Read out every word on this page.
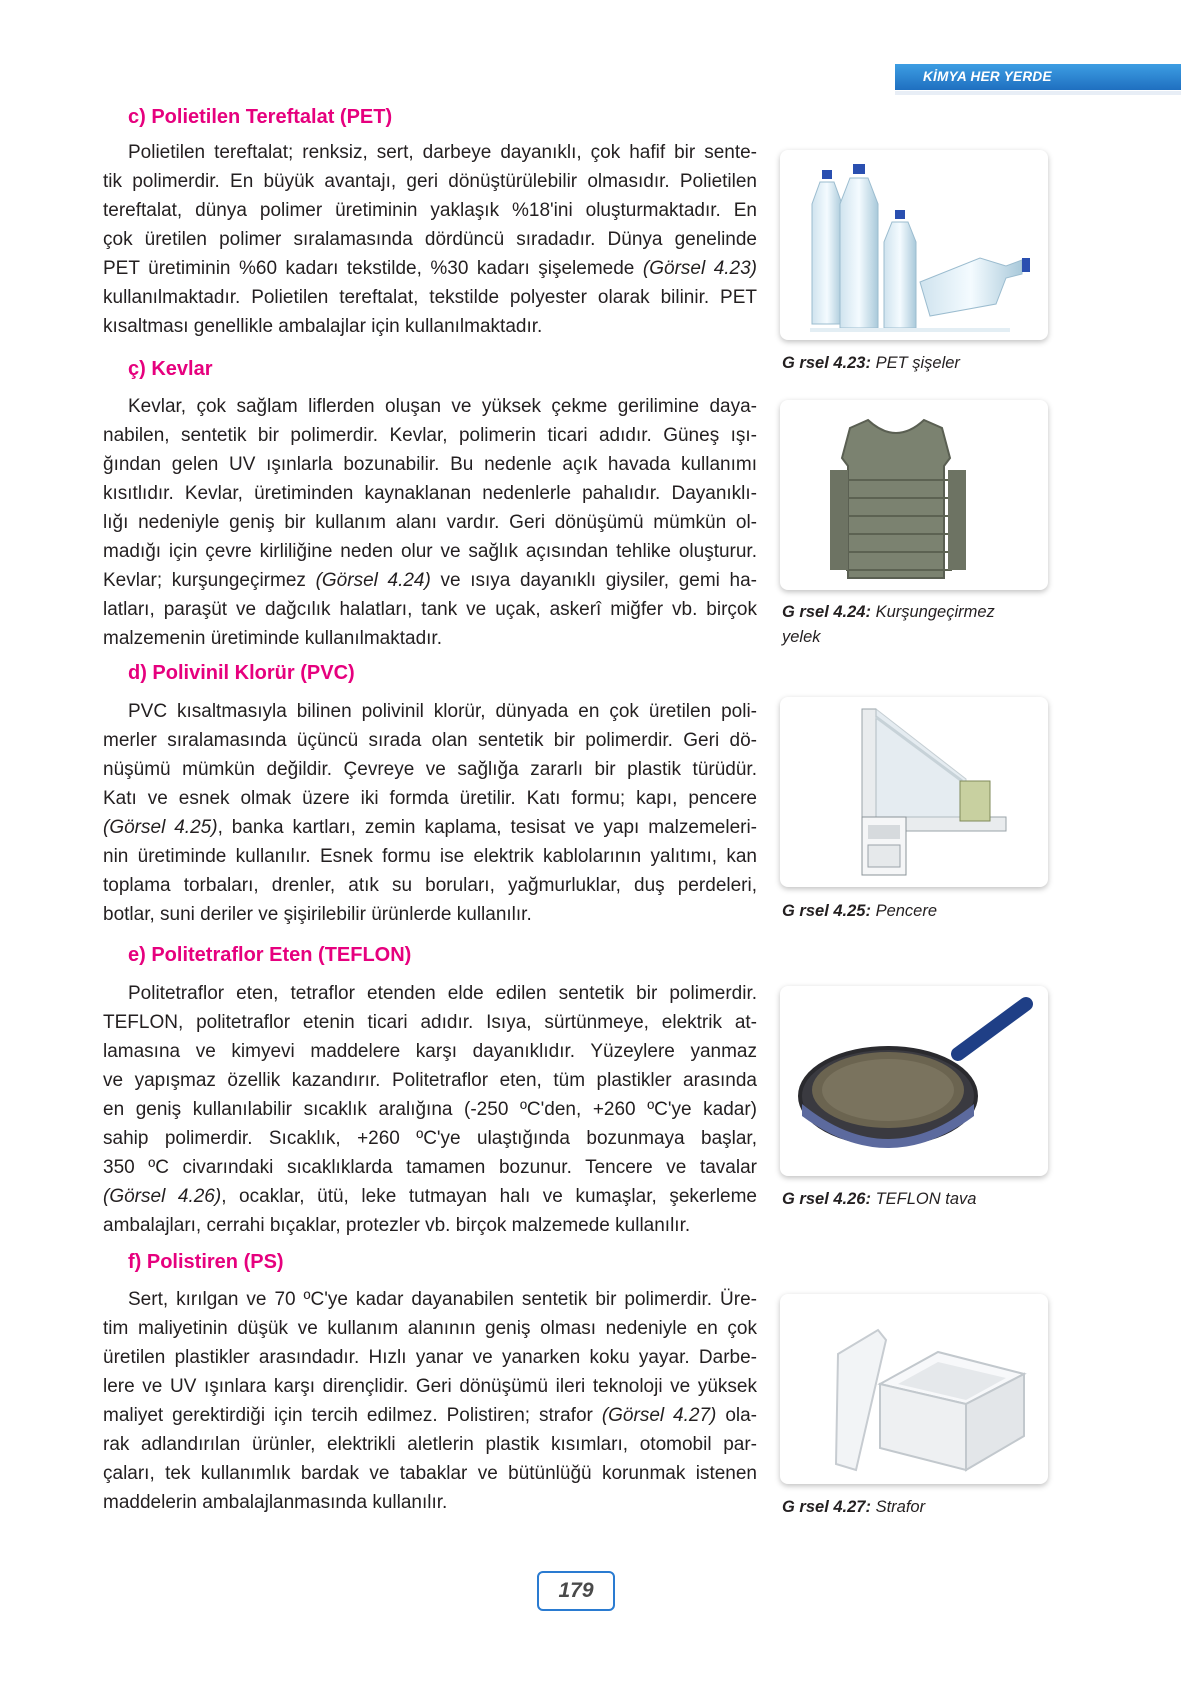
KİMYA HER YERDE
c) Polietilen Tereftalat (PET)
Polietilen tereftalat; renksiz, sert, darbeye dayanıklı, çok hafif bir sente-
tik polimerdir. En büyük avantajı, geri dönüştürülebilir olmasıdır. Polietilen
tereftalat, dünya polimer üretiminin yaklaşık %18'ini oluşturmaktadır. En
çok üretilen polimer sıralamasında dördüncü sıradadır. Dünya genelinde
PET üretiminin %60 kadarı tekstilde, %30 kadarı şişelemede (Görsel 4.23)
kullanılmaktadır. Polietilen tereftalat, tekstilde polyester olarak bilinir. PET
kısaltması genellikle ambalajlar için kullanılmaktadır.
ç) Kevlar
Kevlar, çok sağlam liflerden oluşan ve yüksek çekme gerilimine daya-
nabilen, sentetik bir polimerdir. Kevlar, polimerin ticari adıdır. Güneş ışı-
ğından gelen UV ışınlarla bozunabilir. Bu nedenle açık havada kullanımı
kısıtlıdır. Kevlar, üretiminden kaynaklanan nedenlerle pahalıdır. Dayanıklı-
lığı nedeniyle geniş bir kullanım alanı vardır. Geri dönüşümü mümkün ol-
madığı için çevre kirliliğine neden olur ve sağlık açısından tehlike oluşturur.
Kevlar; kurşungeçirmez (Görsel 4.24) ve ısıya dayanıklı giysiler, gemi ha-
latları, paraşüt ve dağcılık halatları, tank ve uçak, askerî miğfer vb. birçok
malzemenin üretiminde kullanılmaktadır.
d) Polivinil Klorür (PVC)
PVC kısaltmasıyla bilinen polivinil klorür, dünyada en çok üretilen poli-
merler sıralamasında üçüncü sırada olan sentetik bir polimerdir. Geri dö-
nüşümü mümkün değildir. Çevreye ve sağlığa zararlı bir plastik türüdür.
Katı ve esnek olmak üzere iki formda üretilir. Katı formu; kapı, pencere
(Görsel 4.25), banka kartları, zemin kaplama, tesisat ve yapı malzemeleri-
nin üretiminde kullanılır. Esnek formu ise elektrik kablolarının yalıtımı, kan
toplama torbaları, drenler, atık su boruları, yağmurluklar, duş perdeleri,
botlar, suni deriler ve şişirilebilir ürünlerde kullanılır.
e) Politetraflor Eten (TEFLON)
Politetraflor eten, tetraflor etenden elde edilen sentetik bir polimerdir.
TEFLON, politetraflor etenin ticari adıdır. Isıya, sürtünmeye, elektrik at-
lamasına ve kimyevi maddelere karşı dayanıklıdır. Yüzeylere yanmaz
ve yapışmaz özellik kazandırır. Politetraflor eten, tüm plastikler arasında
en geniş kullanılabilir sıcaklık aralığına (-250 ºC'den, +260 ºC'ye kadar)
sahip polimerdir. Sıcaklık, +260 ºC'ye ulaştığında bozunmaya başlar,
350 ºC civarındaki sıcaklıklarda tamamen bozunur. Tencere ve tavalar
(Görsel 4.26), ocaklar, ütü, leke tutmayan halı ve kumaşlar, şekerleme
ambalajları, cerrahi bıçaklar, protezler vb. birçok malzemede kullanılır.
f) Polistiren (PS)
Sert, kırılgan ve 70 ºC'ye kadar dayanabilen sentetik bir polimerdir. Üre-
tim maliyetinin düşük ve kullanım alanının geniş olması nedeniyle en çok
üretilen plastikler arasındadır. Hızlı yanar ve yanarken koku yayar. Darbe-
lere ve UV ışınlara karşı dirençlidir. Geri dönüşümü ileri teknoloji ve yüksek
maliyet gerektirdiği için tercih edilmez. Polistiren; strafor (Görsel 4.27) ola-
rak adlandırılan ürünler, elektrikli aletlerin plastik kısımları, otomobil par-
çaları, tek kullanımlık bardak ve tabaklar ve bütünlüğü korunmak istenen
maddelerin ambalajlanmasında kullanılır.
G rsel 4.23: PET şişeler
G rsel 4.24: Kurşungeçirmez
yelek
G rsel 4.25: Pencere
G rsel 4.26: TEFLON tava
G rsel 4.27: Strafor
179
